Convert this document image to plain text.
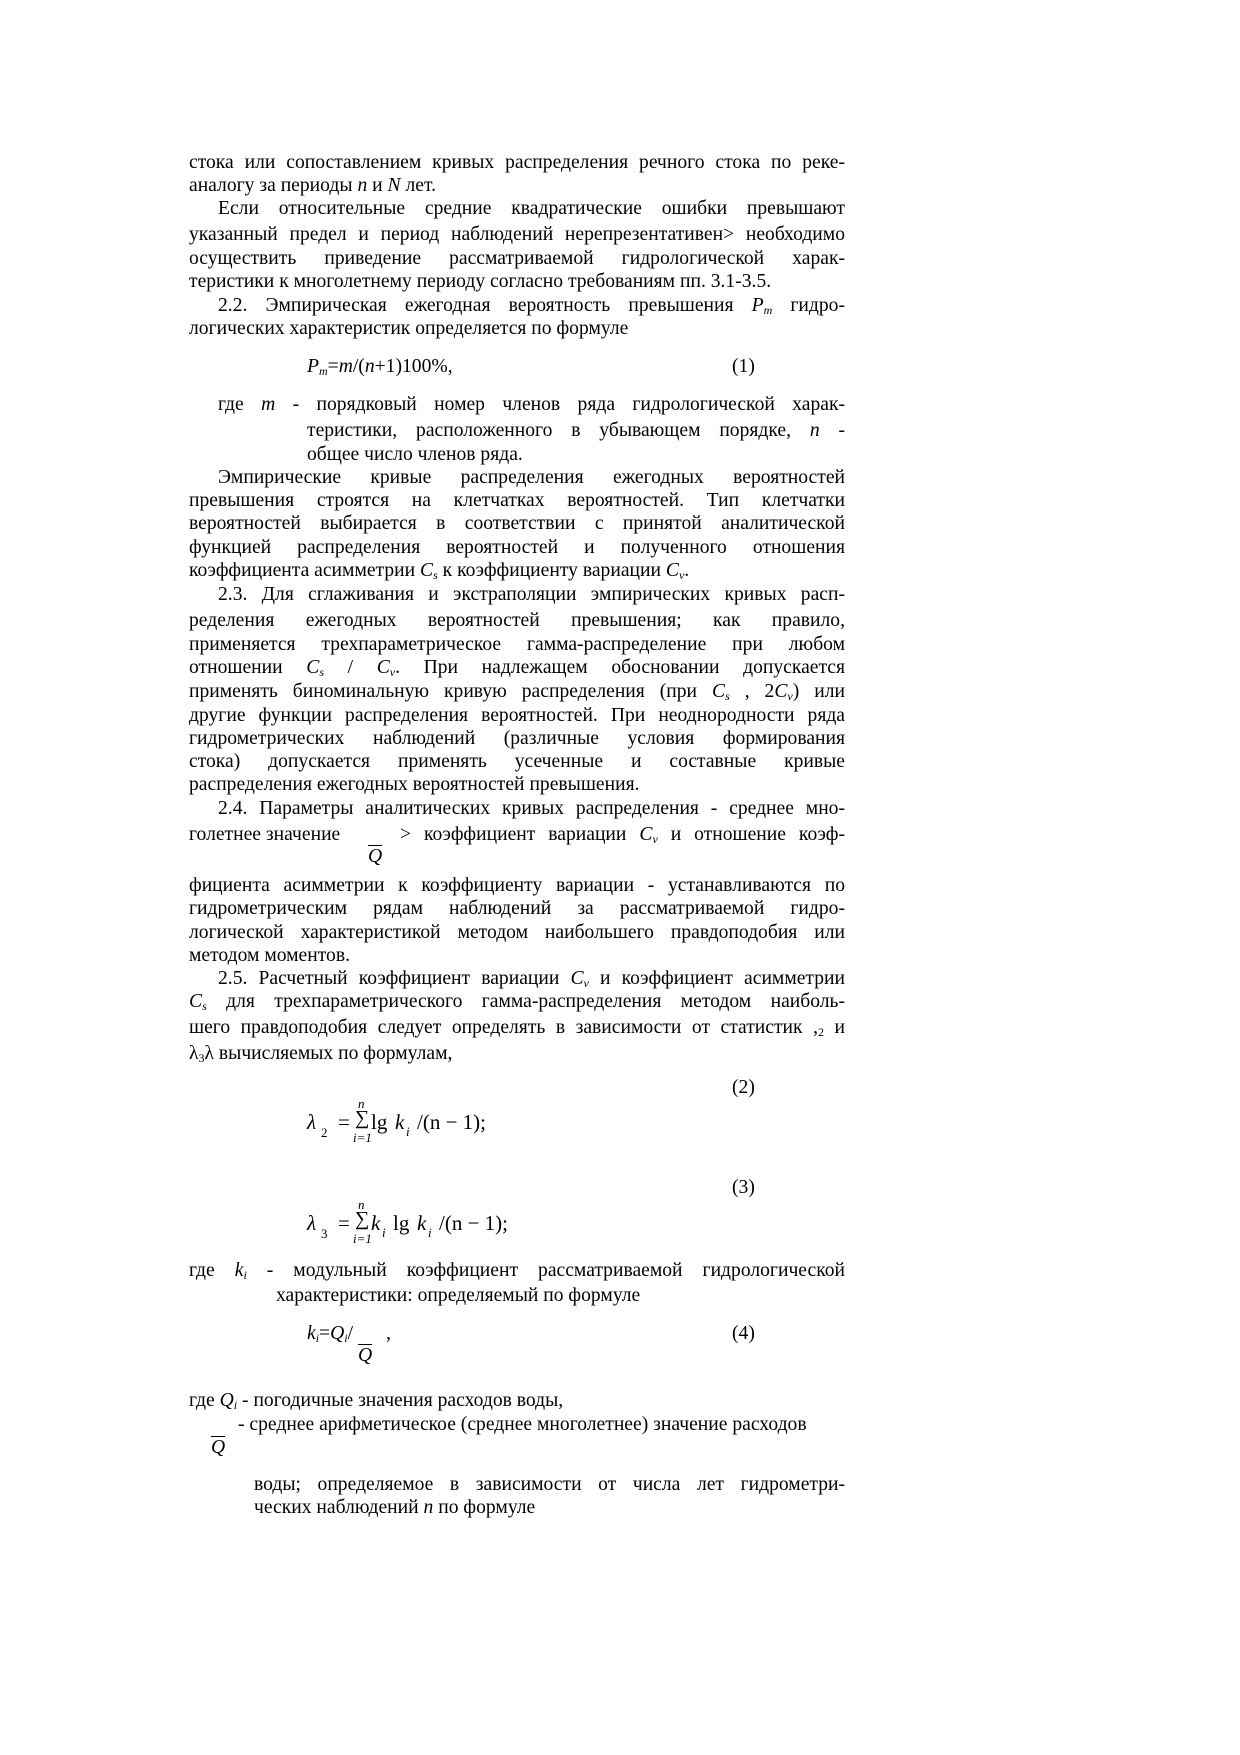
стока или сопоставлением кривых распределения речного стока по реке-
аналогу за периоды n и N лет.
Если относительные средние квадратические ошибки превышают
указанный предел и период наблюдений нерепрезентативен> необходимо
осуществить приведение рассматриваемой гидрологической харак-
теристики к многолетнему периоду согласно требованиям пп. 3.1-3.5.
2.2. Эмпирическая ежегодная вероятность превышения $P_m$ гидро-
логических характеристик определяется по формуле
$P_m=m/(n+1)100\%$,	(1)
где m - порядковый номер членов ряда гидрологической харак-
теристики, расположенного в убывающем порядке, n -
общее число членов ряда.
Эмпирические кривые распределения ежегодных вероятностей
превышения строятся на клетчатках вероятностей. Тип клетчатки
вероятностей выбирается в соответствии с принятой аналитической
функцией распределения вероятностей и полученного отношения
коэффициента асимметрии $C_s$ к коэффициенту вариации $C_v$.
2.3. Для сглаживания и экстраполяции эмпирических кривых расп-
ределения ежегодных вероятностей превышения; как правило,
применяется трехпараметрическое гамма-распределение при любом
отношении $C_s / C_v$. При надлежащем обосновании допускается
применять биноминальную кривую распределения (при $C_s$ , $2C_v$) или
другие функции распределения вероятностей. При неоднородности ряда
гидрометрических наблюдений (различные условия формирования
стока) допускается применять усеченные и составные кривые
распределения ежегодных вероятностей превышения.
2.4. Параметры аналитических кривых распределения - среднее мно-
голетнее значение	> коэффициент вариации $C_v$ и отношение коэф-
$\overline{Q}$
фициента асимметрии к коэффициенту вариации - устанавливаются по
гидрометрическим рядам наблюдений за рассматриваемой гидро-
логической характеристикой методом наибольшего правдоподобия или
методом моментов.
2.5. Расчетный коэффициент вариации $C_v$ и коэффициент асимметрии
$C_s$ для трехпараметрического гамма-распределения методом наиболь-
шего правдоподобия следует определять в зависимости от статистик ,2 и
λ3λ вычисляемых по формулам,
(2)
λ 2 =
n
∑
i=1
lg k i /(n − 1);
(3)
λ 3 =
n
∑
i=1
k i lg k i /(n − 1);
где $k_i$ - модульный коэффициент рассматриваемой гидрологической
характеристики: определяемый по формуле
$k_i=Q_i/$ ,
$\overline{Q}$
(4)
где $Q_i$ - погодичные значения расходов воды,
- среднее арифметическое (среднее многолетнее) значение расходов
$\overline{Q}$
воды; определяемое в зависимости от числа лет гидрометри-
ческих наблюдений n по формуле
